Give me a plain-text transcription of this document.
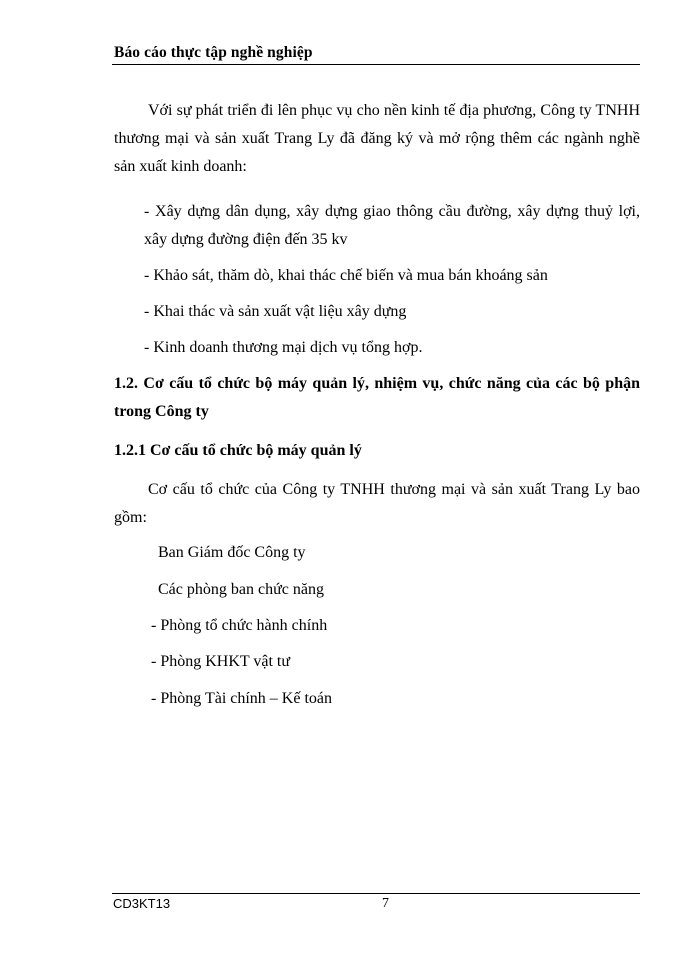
Báo cáo thực tập nghề nghiệp
Với sự phát triển đi lên phục vụ cho nền kinh tế địa phương, Công ty TNHH thương mại và sản xuất Trang Ly đã đăng ký và mở rộng thêm các ngành nghề sản xuất kinh doanh:
- Xây dựng dân dụng, xây dựng giao thông cầu đường, xây dựng thuỷ lợi, xây dựng đường điện đến 35 kv
- Khảo sát, thăm dò, khai thác chế biến và mua bán khoáng sản
- Khai thác và sản xuất vật liệu xây dựng
- Kinh doanh thương mại dịch vụ tổng hợp.
1.2. Cơ cấu tổ chức bộ máy quản lý, nhiệm vụ, chức năng của các bộ phận trong Công ty
1.2.1 Cơ cấu tổ chức bộ máy quản lý
Cơ cấu tổ chức của Công ty TNHH thương mại và sản xuất Trang Ly bao gồm:
Ban Giám đốc Công ty
Các phòng ban chức năng
- Phòng tổ chức hành chính
- Phòng KHKT vật tư
- Phòng Tài chính – Kế toán
CD3KT13	7
